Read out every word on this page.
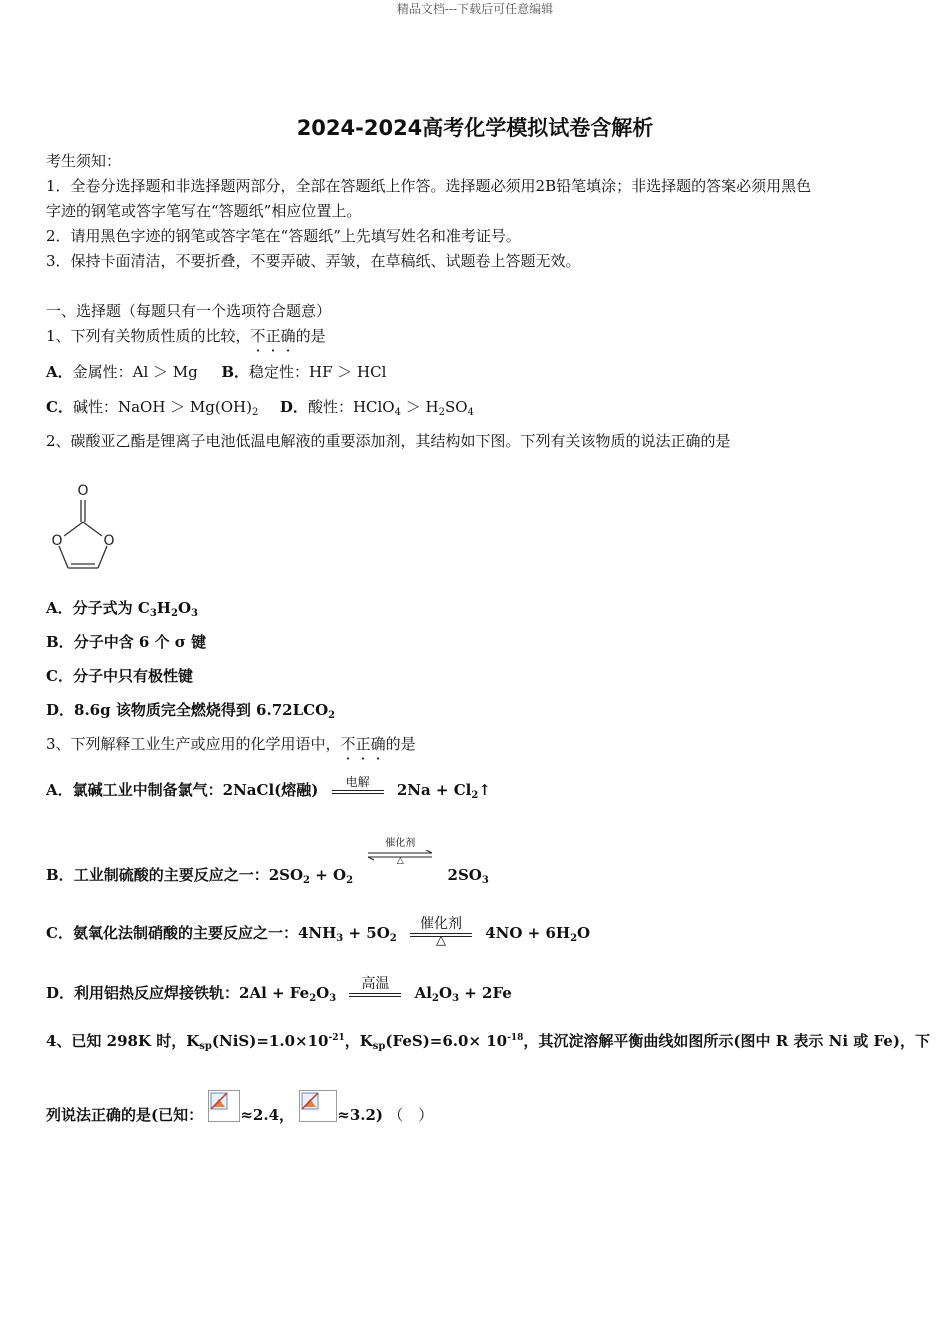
精品文档---下载后可任意编辑
2024-2024高考化学模拟试卷含解析
考生须知：
1．全卷分选择题和非选择题两部分，全部在答题纸上作答。选择题必须用2B铅笔填涂；非选择题的答案必须用黑色
字迹的钢笔或答字笔写在“答题纸”相应位置上。
2．请用黑色字迹的钢笔或答字笔在“答题纸”上先填写姓名和准考证号。
3．保持卡面清洁，不要折叠，不要弄破、弄皱，在草稿纸、试题卷上答题无效。
一、选择题（每题只有一个选项符合题意）
1、下列有关物质性质的比较，不正确的是
A．金属性：Al ＞ Mg B．稳定性：HF ＞ HCl
C．碱性：NaOH ＞ $Mg(OH)_2$ D．酸性：HClO$_4$ ＞ $H_2SO_4$
2、碳酸亚乙酯是锂离子电池低温电解液的重要添加剂，其结构如下图。下列有关该物质的说法正确的是
O
O	O
A．分子式为 $C_3H_2O_3$
B．分子中含 6 个 σ 键
C．分子中只有极性键
D．8.6g 该物质完全燃烧得到 $6.72LCO_2$
3、下列解释工业生产或应用的化学用语中，不正确的是
A．氯碱工业中制备氯气：2NaCl(熔融)	电解	$2Na + Cl_2↑$
B．工业制硫酸的主要反应之一：$2SO_2 + O_2$
催化剂
△
$2SO_3$
C．氨氧化法制硝酸的主要反应之一：$4NH_3 + 5O_2$
催化剂
△	$4NO + 6H_2O$
D．利用铝热反应焊接铁轨：$2Al + Fe_2O_3$
高温	$Al_2O_3 + 2Fe$
4、已知 298K 时，$K_{sp}(NiS)=1.0\times 10^{-21}$，$K_{sp}(FeS)=6.0\times 10^{-18}$，其沉淀溶解平衡曲线如图所示(图中 R 表示 Ni 或 Fe)，下
列说法正确的是(已知： ≈2.4，	≈3.2) （　）
